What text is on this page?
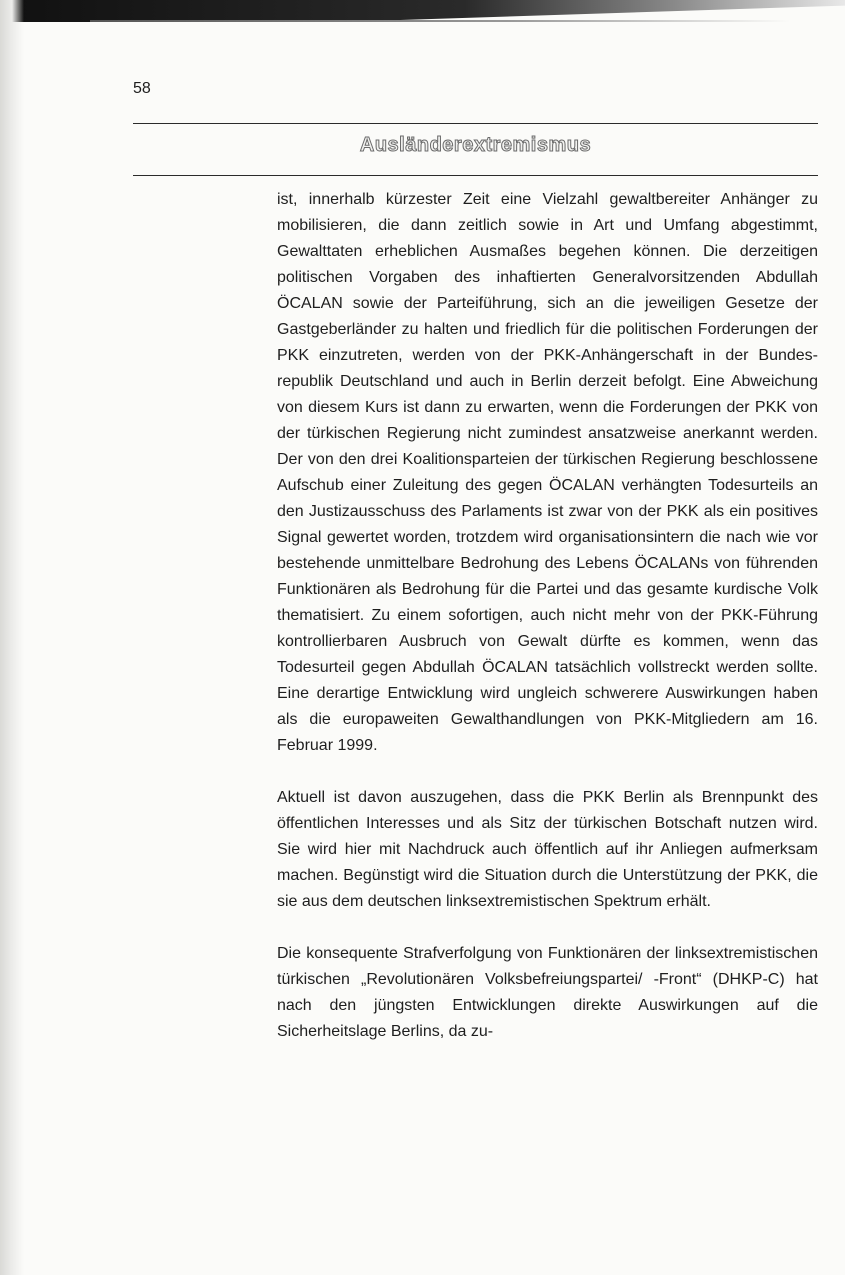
58
Ausländerextremismus

ist, innerhalb kürzester Zeit eine Vielzahl gewaltbereiter Anhänger zu mobilisieren, die dann zeitlich sowie in Art und Umfang abgestimmt, Gewalttaten erheblichen Ausmaßes begehen können. Die derzeitigen politischen Vorgaben des inhaftierten Generalvorsitzenden Abdullah ÖCALAN sowie der Parteiführung, sich an die jeweiligen Gesetze der Gastgeberländer zu halten und friedlich für die politischen Forderungen der PKK einzutreten, werden von der PKK-Anhängerschaft in der Bundesrepublik Deutschland und auch in Berlin derzeit befolgt. Eine Abweichung von diesem Kurs ist dann zu erwarten, wenn die Forderungen der PKK von der türkischen Regierung nicht zumindest ansatzweise anerkannt werden. Der von den drei Koalitionsparteien der türkischen Regierung beschlossene Aufschub einer Zuleitung des gegen ÖCALAN verhängten Todesurteils an den Justizausschuss des Parlaments ist zwar von der PKK als ein positives Signal gewertet worden, trotzdem wird organisationsintern die nach wie vor bestehende unmittelbare Bedrohung des Lebens ÖCALANs von führenden Funktionären als Bedrohung für die Partei und das gesamte kurdische Volk thematisiert. Zu einem sofortigen, auch nicht mehr von der PKK-Führung kontrollierbaren Ausbruch von Gewalt dürfte es kommen, wenn das Todesurteil gegen Abdullah ÖCALAN tatsächlich vollstreckt werden sollte. Eine derartige Entwicklung wird ungleich schwerere Auswirkungen haben als die europaweiten Gewalthandlungen von PKK-Mitgliedern am 16. Februar 1999.

Aktuell ist davon auszugehen, dass die PKK Berlin als Brennpunkt des öffentlichen Interesses und als Sitz der türkischen Botschaft nutzen wird. Sie wird hier mit Nachdruck auch öffentlich auf ihr Anliegen aufmerksam machen. Begünstigt wird die Situation durch die Unterstützung der PKK, die sie aus dem deutschen linksextremistischen Spektrum erhält.

Die konsequente Strafverfolgung von Funktionären der linksextremistischen türkischen „Revolutionären Volksbefreiungspartei/ -Front“ (DHKP-C) hat nach den jüngsten Entwicklungen direkte Auswirkungen auf die Sicherheitslage Berlins, da zu-
